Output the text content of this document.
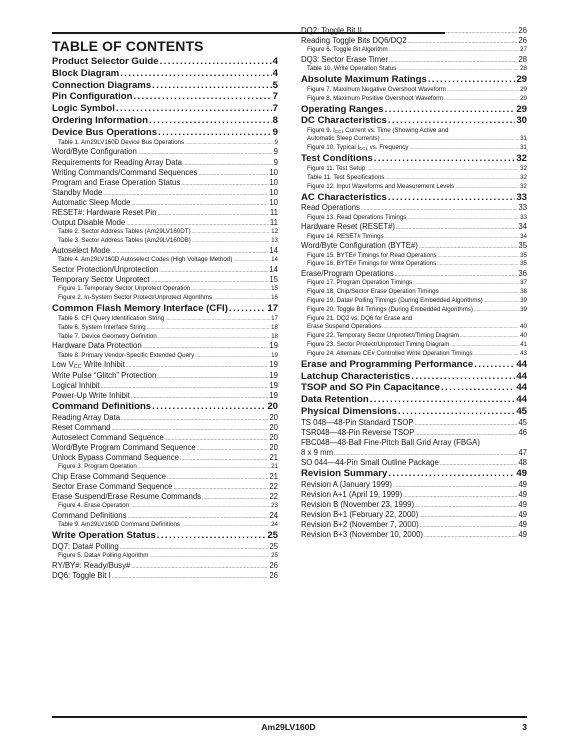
TABLE OF CONTENTS
Product Selector Guide .....	4
Block Diagram .....	4
Connection Diagrams .....	5
Pin Configuration .....	7
Logic Symbol .....	7
Ordering Information .....	8
Device Bus Operations .....	9
Table 1. Am29LV160D Device Bus Operations .....	9
Word/Byte Configuration .....	9
Requirements for Reading Array Data .....	9
Writing Commands/Command Sequences .....	10
Program and Erase Operation Status .....	10
Standby Mode .....	10
Automatic Sleep Mode .....	10
RESET#: Hardware Reset Pin .....	11
Output Disable Mode .....	11
Table 2. Sector Address Tables (Am29LV160DT) .....	12
Table 3. Sector Address Tables (Am29LV160DB) .....	13
Autoselect Mode .....	14
Table 4. Am29LV160D Autoselect Codes (High Voltage Method) .....	14
Sector Protection/Unprotection .....	14
Temporary Sector Unprotect .....	15
Figure 1. Temporary Sector Unprotect Operation .....	15
Figure 2. In-System Sector Protect/Unprotect Algorithms .....	16
Common Flash Memory Interface (CFI) .....	17
Table 5. CFI Query Identification String .....	17
Table 6. System Interface String .....	18
Table 7. Device Geometry Definition .....	18
Hardware Data Protection .....	19
Table 8. Primary Vendor-Specific Extended Query .....	19
Low $V_{CC}$ Write Inhibit .....	19
Write Pulse “Glitch” Protection .....	19
Logical Inhibit .....	19
Power-Up Write Inhibit .....	19
Command Definitions .....	20
Reading Array Data .....	20
Reset Command .....	20
Autoselect Command Sequence .....	20
Word/Byte Program Command Sequence .....	20
Unlock Bypass Command Sequence .....	21
Figure 3. Program Operation .....	21
Chip Erase Command Sequence .....	21
Sector Erase Command Sequence .....	22
Erase Suspend/Erase Resume Commands .....	22
Figure 4. Erase Operation .....	23
Command Definitions .....	24
Table 9. Am29LV160D Command Definitions .....	24
Write Operation Status .....	25
DQ7: Data# Polling .....	25
Figure 5. Data# Polling Algorithm .....	25
RY/BY#: Ready/Busy# .....	26
DQ6: Toggle Bit I .....	26
DQ2: Toggle Bit II .....	26
Reading Toggle Bits DQ6/DQ2 .....	26
Figure 6. Toggle Bit Algorithm .....	27
DQ3: Sector Erase Timer .....	28
Table 10. Write Operation Status .....	28
Absolute Maximum Ratings .....	29
Figure 7. Maximum Negative Overshoot Waveform .....	29
Figure 8. Maximum Positive Overshoot Waveform .....	29
Operating Ranges .....	29
DC Characteristics .....	30
Figure 9. $I_{CC1}$ Current vs. Time (Showing Active and
Automatic Sleep Currents) .....	31
Figure 10. Typical $I_{CC1}$ vs. Frequency .....	31
Test Conditions .....	32
Figure 11. Test Setup .....	32
Table 11. Test Specifications .....	32
Figure 12. Input Waveforms and Measurement Levels .....	32
AC Characteristics .....	33
Read Operations .....	33
Figure 13. Read Operations Timings .....	33
Hardware Reset (RESET#) .....	34
Figure 14. RESET# Timings .....	34
Word/Byte Configuration (BYTE#) .....	35
Figure 15. BYTE# Timings for Read Operations .....	35
Figure 16. BYTE# Timings for Write Operations .....	35
Erase/Program Operations .....	36
Figure 17. Program Operation Timings .....	37
Figure 18. Chip/Sector Erase Operation Timings .....	38
Figure 19. Data# Polling Timings (During Embedded Algorithms) .....	39
Figure 20. Toggle Bit Timings (During Embedded Algorithms) .....	39
Figure 21. DQ2 vs. DQ6 for Erase and
Erase Suspend Operations .....	40
Figure 22. Temporary Sector Unprotect/Timing Diagram .....	40
Figure 23. Sector Protect/Unprotect Timing Diagram .....	41
Figure 24. Alternate CE# Controlled Write Operation Timings .....	43
Erase and Programming Performance .....	44
Latchup Characteristics .....	44
TSOP and SO Pin Capacitance .....	44
Data Retention .....	44
Physical Dimensions .....	45
TS 048—48-Pin Standard TSOP .....	45
TSR048—48-Pin Reverse TSOP .....	46
FBC048—48-Ball Fine-Pitch Ball Grid Array (FBGA)
8 x 9 mm .....	47
SO 044—44-Pin Small Outline Package .....	48
Revision Summary .....	49
Revision A (January 1999) .....	49
Revision A+1 (April 19, 1999) .....	49
Revision B (November 23, 1999) .....	49
Revision B+1 (February 22, 2000) .....	49
Revision B+2 (November 7, 2000) .....	49
Revision B+3 (November 10, 2000) .....	49
Am29LV160D	3
